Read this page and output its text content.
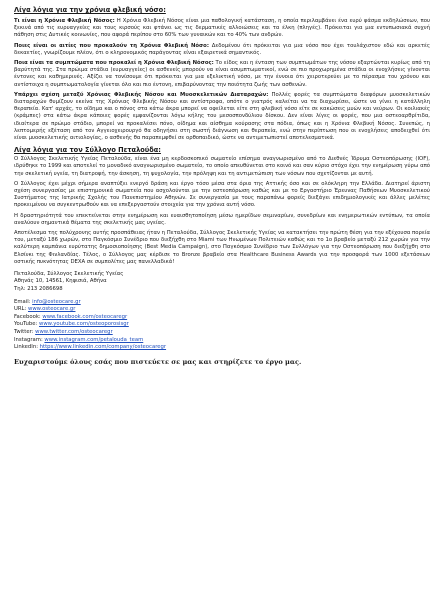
Λίγα λόγια για την χρόνια φλεβική νόσο:

Τι είναι η Χρόνια Φλεβική Νόσος: Η Χρόνια Φλεβική Νόσος είναι μια παθολογική κατάσταση, η οποία περιλαμβάνει ένα ευρύ φάσμα εκδηλώσεων, που ξεκινά από τις ευρυαγγείες και τους κιρσούς και φτάνει ως τις δερματικές αλλοιώσεις και τα έλκη (πληγές). Πρόκειται για μια εντυπωσιακά συχνή πάθηση στις Δυτικές κοινωνίες, που αφορά περίπου στο 60% των γυναικών και το 40% των ανδρών.

Ποιες είναι οι αιτίες που προκαλούν τη Χρόνια Φλεβική Νόσο: Δεδομένου ότι πρόκειται για μια νόσο που έχει τουλάχιστον εδώ και αρκετές δεκαετίες, γνωρίζουμε πλέον, ότι ο κληρονομικός παράγοντας είναι εξαιρετικά σημαντικός.

Ποια είναι τα συμπτώματα που προκαλεί η Χρόνια Φλεβική Νόσος: Το είδος και η ένταση των συμπτωμάτων της νόσου εξαρτώνται κυρίως από τη βαρύτητά της. Στα πρώιμα στάδια (ευρυαγγείες) οι ασθενείς μπορούν να είναι ασυμπτωματικοί, ενώ σε πιο προχωρημένα στάδια οι ενοχλήσεις γίνονται έντονες και καθημερινές. Αξίζει να τονίσουμε ότι πρόκειται για μια εξελικτική νόσο, με την έννοια ότι χειροτερεύει με το πέρασμα του χρόνου και αντίστοιχα η συμπτωματολογία γίνεται όλο και πιο έντονη, επιβαρύνοντας την ποιότητα ζωής των ασθενών.

Υπάρχει σχέση μεταξύ Χρόνιας Φλεβικής Νόσου και Μυοσκελετικών Διαταραχών: Πολλές φορές τα συμπτώματα διαφόρων μυοσκελετικών διαταραχών θυμίζουν εκείνα της Χρόνιας Φλεβικής Νόσου και αντίστροφα, οπότε ο γιατρός καλείται να τα διαχωρίσει, ώστε να γίνει η κατάλληλη θεραπεία. Κατ' αρχάς, το οίδημα και ο πόνος στα κάτω άκρα μπορεί να οφείλεται είτε στη φλεβική νόσο είτε σε κακώσεις μυών και νεύρων. Οι κοιλιακές (κράμπες) στα κάτω άκρα κάποιες φορές εμφανίζονται λόγω κήλης του μεσοσπονδύλιου δίσκου. Δεν είναι λίγες οι φορές, που μια οστεοαρθρίτιδα, ιδιαίτερα σε πρώιμο στάδιο, μπορεί να προκαλέσει πόνο, οίδημα και αίσθημα κούρασης στα πόδια, όπως και η Χρόνια Φλεβική Νόσος. Συνεπώς, η λεπτομερής εξέταση από τον Αγγειοχειρουργό θα οδηγήσει στη σωστή διάγνωση και θεραπεία, ενώ στην περίπτωση που οι ενοχλήσεις αποδειχθεί ότι είναι μυοσκελετικής αιτιολογίας, ο ασθενής θα παραπεμφθεί σε ορθοπαιδικό, ώστε να αντιμετωπιστεί αποτελεσματικά.

Λίγα λόγια για τον Σύλλογο Πεταλούδα:

Ο Σύλλογος Σκελετικής Υγείας Πεταλούδα, είναι ένα μη κερδοσκοπικό σωματείο επίσημα αναγνωρισμένο από το Διεθνές Ίδρυμα Οστεοπόρωσης (IOF), ιδρύθηκε το 1999 και αποτελεί το μοναδικό αναγνωρισμένο σωματείο, το οποίο απευθύνεται στο κοινό και σαν κύριο στόχο έχει την ενημέρωση γύρω από την σκελετική υγεία, τη διατροφή, την άσκηση, τη ψυχολογία, την πρόληψη και τη αντιμετώπιση των νόσων που σχετίζονται με αυτή.

Ο Σύλλογος έχει μέχρι σήμερα αναπτύξει ενεργό δράση και έργο τόσο μέσα στα όρια της Αττικής όσο και σε ολόκληρη την Ελλάδα. Διατηρεί άριστη σχέση συνεργασίας με επιστημονικά σωματεία που ασχολούνται με την οστεοπόρωση καθώς και με το Εργαστήριο Έρευνας Παθήσεων Μυοσκελετικού Συστήματος της Ιατρικής Σχολής του Πανεπιστημίου Αθηνών. Σε συνεργασία με τους παραπάνω φορείς διεξάγει επιδημιολογικές και άλλες μελέτες προκειμένου να συγκεντρωθούν και να επεξεργαστούν στοιχεία για την χρόνια αυτή νόσο.

Η δραστηριότητά του επεκτείνεται στην ενημέρωση και ευαισθητοποίηση μέσω ημερίδων σεμιναρίων, συνεδρίων και ενημερωτικών εντύπων, τα οποία αναλύουν σημαντικά θέματα της σκελετικής μας υγείας.

Αποτέλεσμα της πολύχρονης αυτής προσπάθειας ήταν η Πεταλούδα, Σύλλογος Σκελετικής Υγείας να κατακτήσει την πρώτη θέση για την εξέχουσα πορεία του, μεταξύ 186 χωρών, στο Παγκόσμιο Συνέδριο που διεξήχθη στο Miami των Ηνωμένων Πολιτειών καθώς και το 1ο βραβείο μεταξύ 212 χωρών για την καλύτερη καμπάνια ευρύτατης δημοσιοποίησης (Best Media Campaign), στο Παγκόσμιο Συνέδριο των Συλλόγων για την Οστεοπόρωση που διεξήχθη στο Ελσίνκι της Φινλανδίας. Τέλος, ο Σύλλογος μας κέρδισε το Bronze βραβείο στα Healthcare Business Awards για την προσφορά των 1000 εξετάσεων οστικής πυκνότητας DEXA σε συμπολίτες μας πανελλαδικά!

Πεταλούδα, Σύλλογος Σκελετικής Υγείας
Αθηνάς 10, 14561, Κηφισιά, Αθήνα
Τηλ: 213 2086698
Email: info@osteocare.gr
URL: www.osteocare.gr
Facebook: www.facebook.com/osteocaregr
YouTube: www.youtube.com/osteoporosisgr
Twitter: www.twitter.com/osteocaregr
Instagram: www.instagram.com/petalouda_team
LinkedIn: https://www.linkedin.com/company/osteocaregr
Ευχαριστούμε όλους εσάς που πιστεύετε σε μας και στηρίζετε το έργο μας.
